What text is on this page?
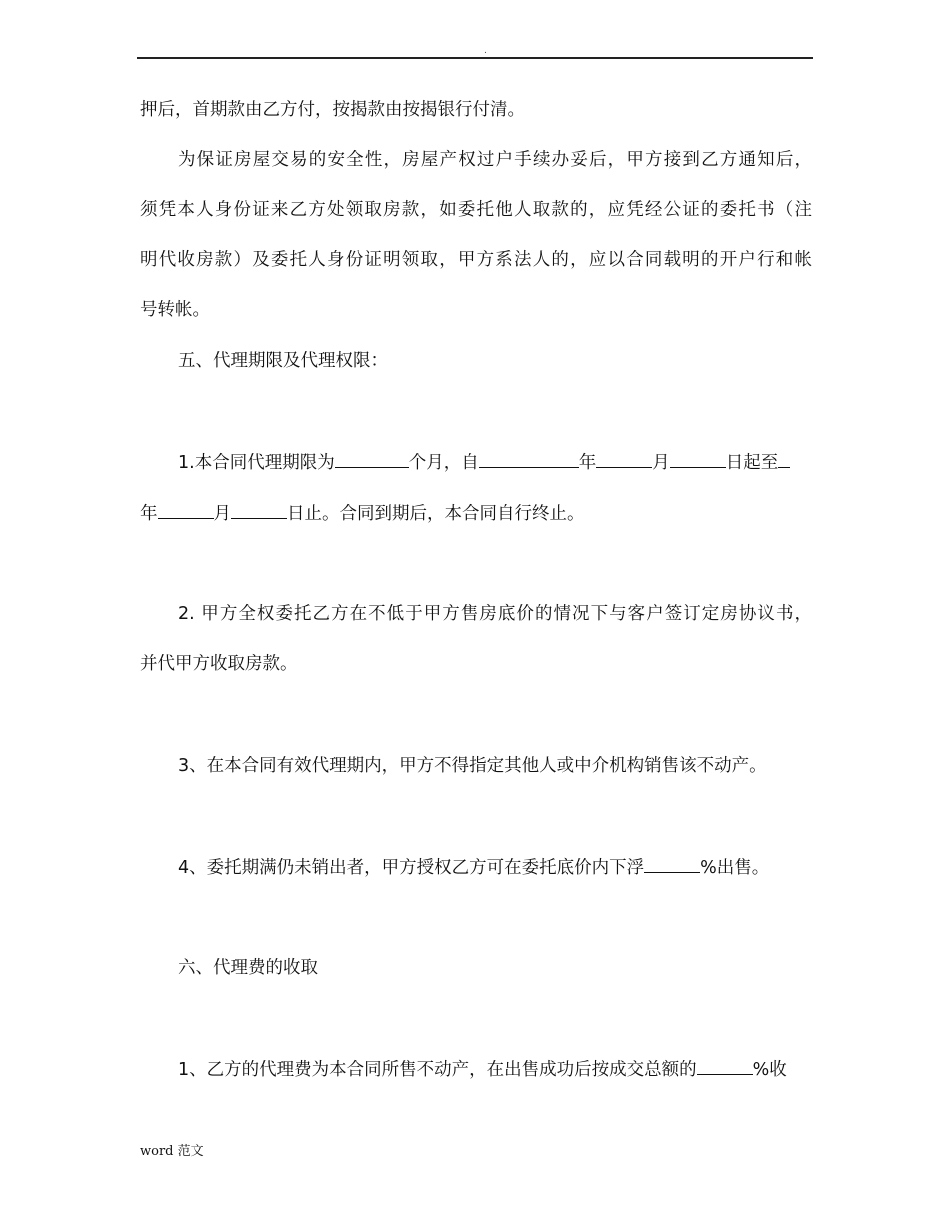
.
押后，首期款由乙方付，按揭款由按揭银行付清。
为保证房屋交易的安全性，房屋产权过户手续办妥后，甲方接到乙方通知后，
须凭本人身份证来乙方处领取房款，如委托他人取款的，应凭经公证的委托书（注
明代收房款）及委托人身份证明领取，甲方系法人的，应以合同载明的开户行和帐
号转帐。
五、代理期限及代理权限：
1.本合同代理期限为	个月，自	年	月	日起至
年	月	日止。合同到期后，本合同自行终止。
2. 甲方全权委托乙方在不低于甲方售房底价的情况下与客户签订定房协议书，
并代甲方收取房款。
3、在本合同有效代理期内，甲方不得指定其他人或中介机构销售该不动产。
4、委托期满仍未销出者，甲方授权乙方可在委托底价内下浮	%出售。
六、代理费的收取
1、乙方的代理费为本合同所售不动产，在出售成功后按成交总额的	%收
word 范文
